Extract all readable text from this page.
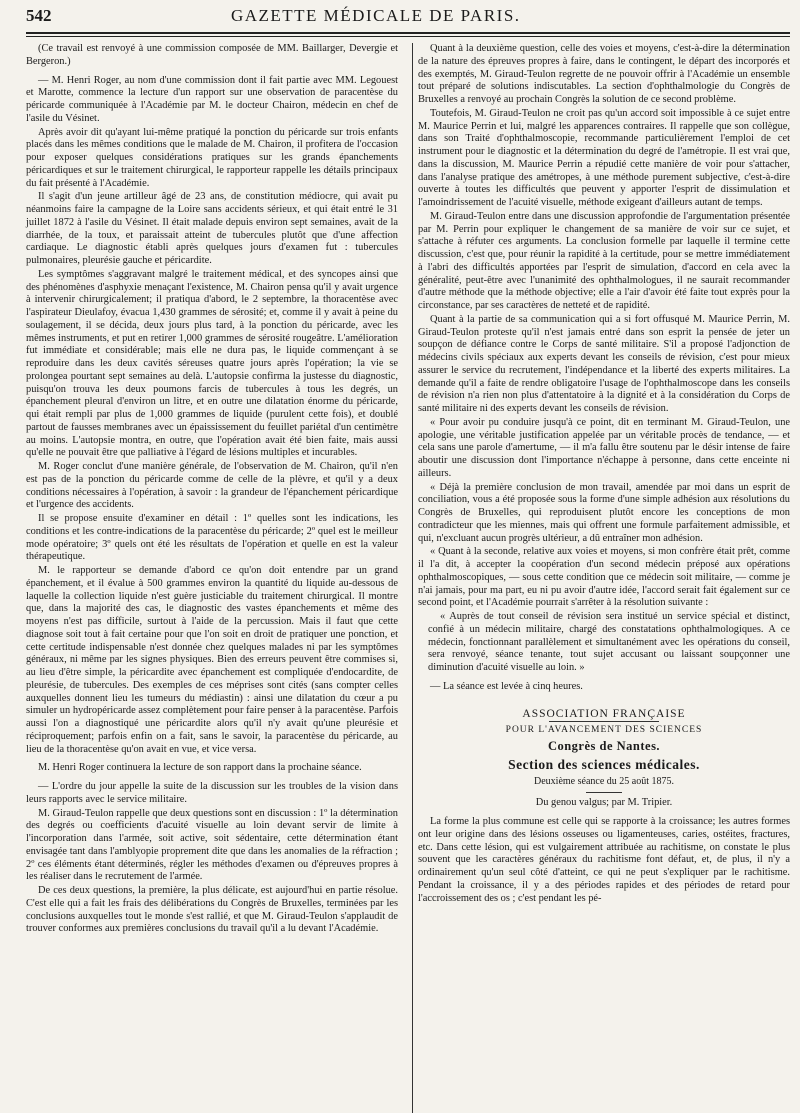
542	GAZETTE MÉDICALE DE PARIS.

(Ce travail est renvoyé à une commission composée de MM. Baillarger, Devergie et Bergeron.)

— M. Henri Roger, au nom d'une commission dont il fait partie avec MM. Legouest et Marotte, commence la lecture d'un rapport sur une observation de paracentèse du péricarde communiquée à l'Académie par M. le docteur Chairon, médecin en chef de l'asile du Vésinet.

Après avoir dit qu'ayant lui-même pratiqué la ponction du péricarde sur trois enfants placés dans les mêmes conditions que le malade de M. Chairon, il profitera de l'occasion pour exposer quelques considérations pratiques sur les grands épanchements péricardiques et sur le traitement chirurgical, le rapporteur rappelle les détails principaux du fait présenté à l'Académie.

Il s'agit d'un jeune artilleur âgé de 23 ans, de constitution médiocre, qui avait pu néanmoins faire la campagne de la Loire sans accidents sérieux, et qui était entré le 31 juillet 1872 à l'asile du Vésinet. Il était malade depuis environ sept semaines, avait de la diarrhée, de la toux, et paraissait atteint de tubercules plutôt que d'une affection cardiaque. Le diagnostic établi après quelques jours d'examen fut : tubercules pulmonaires, pleurésie gauche et péricardite.

Les symptômes s'aggravant malgré le traitement médical, et des syncopes ainsi que des phénomènes d'asphyxie menaçant l'existence, M. Chairon pensa qu'il y avait urgence à intervenir chirurgicalement; il pratiqua d'abord, le 2 septembre, la thoracentèse avec l'aspirateur Dieulafoy, évacua 1,430 grammes de sérosité; et, comme il y avait à peine du soulagement, il se décida, deux jours plus tard, à la ponction du péricarde, avec les mêmes instruments, et put en retirer 1,000 grammes de sérosité rougeâtre. L'amélioration fut immédiate et considérable; mais elle ne dura pas, le liquide commençant à se reproduire dans les deux cavités séreuses quatre jours après l'opération; la vie se prolongea pourtant sept semaines au delà. L'autopsie confirma la justesse du diagnostic, puisqu'on trouva les deux poumons farcis de tubercules à tous les degrés, un épanchement pleural d'environ un litre, et en outre une dilatation énorme du péricarde, qui était rempli par plus de 1,000 grammes de liquide (purulent cette fois), et doublé partout de fausses membranes avec un épaississement du feuillet pariétal d'un centimètre au moins. L'autopsie montra, en outre, que l'opération avait été bien faite, mais aussi qu'elle ne pouvait être que palliative à l'égard de lésions multiples et incurables.

M. Roger conclut d'une manière générale, de l'observation de M. Chairon, qu'il n'en est pas de la ponction du péricarde comme de celle de la plèvre, et qu'il y a deux conditions nécessaires à l'opération, à savoir : la grandeur de l'épanchement péricardique et l'urgence des accidents.

Il se propose ensuite d'examiner en détail : 1º quelles sont les indications, les conditions et les contre-indications de la paracentèse du péricarde; 2º quel est le meilleur mode opératoire; 3º quels ont été les résultats de l'opération et quelle en est la valeur thérapeutique.

M. le rapporteur se demande d'abord ce qu'on doit entendre par un grand épanchement, et il évalue à 500 grammes environ la quantité du liquide au-dessous de laquelle la collection liquide n'est guère justiciable du traitement chirurgical. Il montre que, dans la majorité des cas, le diagnostic des vastes épanchements et même des moyens n'est pas difficile, surtout à l'aide de la percussion. Mais il faut que cette diagnose soit tout à fait certaine pour que l'on soit en droit de pratiquer une ponction, et cette certitude indispensable n'est donnée chez quelques malades ni par les symptômes généraux, ni même par les signes physiques. Bien des erreurs peuvent être commises si, au lieu d'être simple, la péricardite avec épanchement est compliquée d'endocardite, de pleurésie, de tubercules. Des exemples de ces méprises sont cités (sans compter celles auxquelles donnent lieu les tumeurs du médiastin) : ainsi une dilatation du cœur a pu simuler un hydropéricarde assez complètement pour faire penser à la paracentèse. Parfois aussi l'on a diagnostiqué une péricardite alors qu'il n'y avait qu'une pleurésie et réciproquement; parfois enfin on a fait, sans le savoir, la paracentèse du péricarde, au lieu de la thoracentèse qu'on avait en vue, et vice versa.

M. Henri Roger continuera la lecture de son rapport dans la prochaine séance.

— L'ordre du jour appelle la suite de la discussion sur les troubles de la vision dans leurs rapports avec le service militaire.

M. Giraud-Teulon rappelle que deux questions sont en discussion : 1º la détermination des degrés ou coefficients d'acuité visuelle au loin devant servir de limite à l'incorporation dans l'armée, soit active, soit sédentaire, cette détermination étant envisagée tant dans l'amblyopie proprement dite que dans les anomalies de la réfraction ; 2º ces éléments étant déterminés, régler les méthodes d'examen ou d'épreuves propres à les réaliser dans le recrutement de l'armée.

De ces deux questions, la première, la plus délicate, est aujourd'hui en partie résolue. C'est elle qui a fait les frais des délibérations du Congrès de Bruxelles, terminées par les conclusions auxquelles tout le monde s'est rallié, et que M. Giraud-Teulon s'applaudit de trouver conformes aux premières conclusions du travail qu'il a lu devant l'Académie.

Quant à la deuxième question, celle des voies et moyens, c'est-à-dire la détermination de la nature des épreuves propres à faire, dans le contingent, le départ des incorporés et des exemptés, M. Giraud-Teulon regrette de ne pouvoir offrir à l'Académie un ensemble tout préparé de solutions indiscutables. La section d'ophthalmologie du Congrès de Bruxelles a renvoyé au prochain Congrès la solution de ce second problème.

Toutefois, M. Giraud-Teulon ne croit pas qu'un accord soit impossible à ce sujet entre M. Maurice Perrin et lui, malgré les apparences contraires. Il rappelle que son collègue, dans son Traité d'ophthalmoscopie, recommande particulièrement l'emploi de cet instrument pour le diagnostic et la détermination du degré de l'amétropie. Il est vrai que, dans la discussion, M. Maurice Perrin a répudié cette manière de voir pour s'attacher, dans l'analyse pratique des amétropes, à une méthode purement subjective, c'est-à-dire ouverte à toutes les difficultés que peuvent y apporter l'esprit de dissimulation et l'amoindrissement de l'acuité visuelle, méthode exigeant d'ailleurs autant de temps.

M. Giraud-Teulon entre dans une discussion approfondie de l'argumentation présentée par M. Perrin pour expliquer le changement de sa manière de voir sur ce sujet, et s'attache à réfuter ces arguments. La conclusion formelle par laquelle il termine cette discussion, c'est que, pour réunir la rapidité à la certitude, pour se mettre immédiatement à l'abri des difficultés apportées par l'esprit de simulation, d'accord en cela avec la généralité, peut-être avec l'unanimité des ophthalmologues, il ne saurait recommander d'autre méthode que la méthode objective; elle a l'air d'avoir été faite tout exprès pour la circonstance, par ses caractères de netteté et de rapidité.

Quant à la partie de sa communication qui a si fort offusqué M. Maurice Perrin, M. Giraud-Teulon proteste qu'il n'est jamais entré dans son esprit la pensée de jeter un soupçon de défiance contre le Corps de santé militaire. S'il a proposé l'adjonction de médecins civils spéciaux aux experts devant les conseils de révision, c'est pour mieux assurer le service du recrutement, l'indépendance et la liberté des experts militaires. La demande qu'il a faite de rendre obligatoire l'usage de l'ophthalmoscope dans les conseils de révision n'a rien non plus d'attentatoire à la dignité et à la considération du Corps de santé militaire ni des experts devant les conseils de révision.

« Pour avoir pu conduire jusqu'à ce point, dit en terminant M. Giraud-Teulon, une apologie, une véritable justification appelée par un véritable procès de tendance, — et cela sans une parole d'amertume, — il m'a fallu être soutenu par le désir intense de faire aboutir une discussion dont l'importance n'échappe à personne, dans cette enceinte ni ailleurs.

« Déjà la première conclusion de mon travail, amendée par moi dans un esprit de conciliation, vous a été proposée sous la forme d'une simple adhésion aux résolutions du Congrès de Bruxelles, qui reproduisent plutôt encore les conceptions de mon contradicteur que les miennes, mais qui offrent une formule parfaitement admissible, et qui, n'excluant aucun progrès ultérieur, a dû entraîner mon adhésion.

« Quant à la seconde, relative aux voies et moyens, si mon confrère était prêt, comme il l'a dit, à accepter la coopération d'un second médecin préposé aux opérations ophthalmoscopiques, — sous cette condition que ce médecin soit militaire, — comme je n'ai jamais, pour ma part, eu ni pu avoir d'autre idée, l'accord serait fait également sur ce second point, et l'Académie pourrait s'arrêter à la résolution suivante :

« Auprès de tout conseil de révision sera institué un service spécial et distinct, confié à un médecin militaire, chargé des constatations ophthalmologiques. A ce médecin, fonctionnant parallèlement et simultanément avec les opérations du conseil, sera renvoyé, séance tenante, tout sujet accusant ou laissant soupçonner une diminution d'acuité visuelle au loin. »

— La séance est levée à cinq heures.

ASSOCIATION FRANÇAISE

POUR L'AVANCEMENT DES SCIENCES

Congrès de Nantes.

Section des sciences médicales.

Deuxième séance du 25 août 1875.

Du genou valgus; par M. Tripier.

La forme la plus commune est celle qui se rapporte à la croissance; les autres formes ont leur origine dans des lésions osseuses ou ligamenteuses, caries, ostéites, fractures, etc. Dans cette lésion, qui est vulgairement attribuée au rachitisme, on constate le plus souvent que les caractères généraux du rachitisme font défaut, et, de plus, il n'y a ordinairement qu'un seul côté d'atteint, ce qui ne peut s'expliquer par le rachitisme. Pendant la croissance, il y a des périodes rapides et des périodes de retard pour l'accroissement des os ; c'est pendant les pé-
